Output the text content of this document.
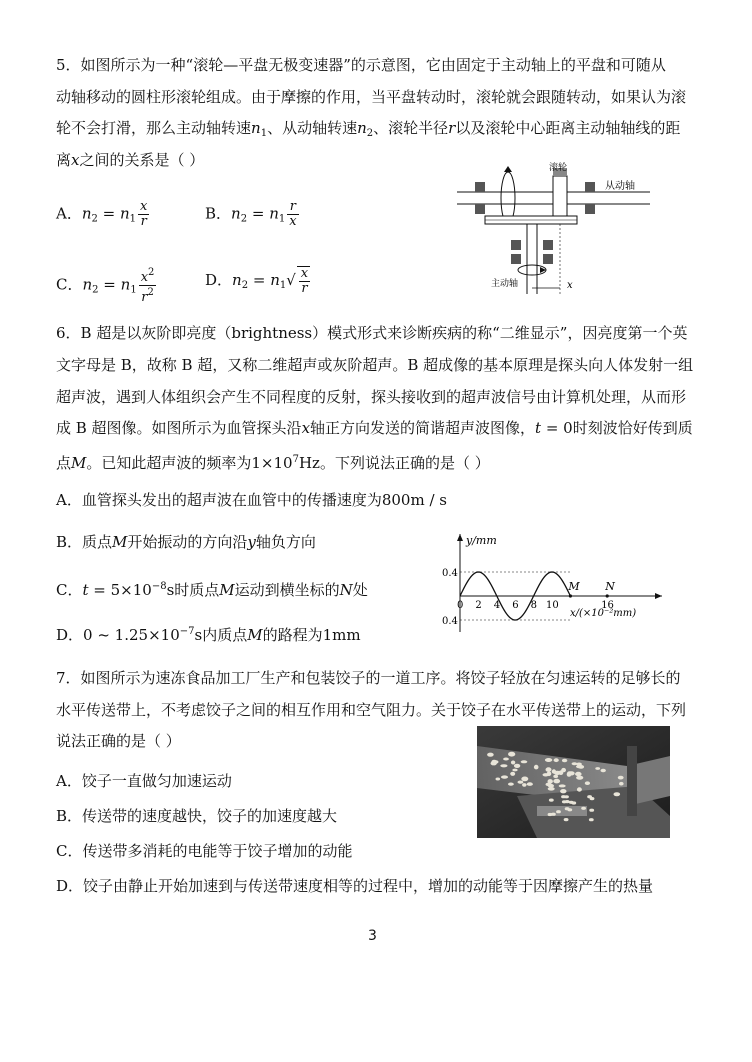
5．如图所示为一种“滚轮—平盘无极变速器”的示意图，它由固定于主动轴上的平盘和可随从
动轴移动的圆柱形滚轮组成。由于摩擦的作用，当平盘转动时，滚轮就会跟随转动，如果认为滚
轮不会打滑，那么主动轴转速$n_1$、从动轴转速$n_2$、滚轮半径r以及滚轮中心距离主动轴轴线的距
离x之间的关系是（ ）
A．$n_2 = n_1 \frac{x}{r}$	B．$n_2 = n_1 \frac{r}{x}$
C．$n_2 = n_1 \frac{x^2}{r^2}$	D．$n_2 = n_1√ \frac{x}{r}$
滚轮
从动轴
主动轴	x
6．B 超是以灰阶即亮度（brightness）模式形式来诊断疾病的称“二维显示”，因亮度第一个英
文字母是 B，故称 B 超，又称二维超声或灰阶超声。B 超成像的基本原理是探头向人体发射一组
超声波，遇到人体组织会产生不同程度的反射，探头接收到的超声波信号由计算机处理，从而形
成 B 超图像。如图所示为血管探头沿x轴正方向发送的简谐超声波图像，t = 0时刻波恰好传到质
点M。已知此超声波的频率为$1\times 10^7Hz$。下列说法正确的是（ ）
A．血管探头发出的超声波在血管中的传播速度为800m / s
B．质点M开始振动的方向沿y轴负方向
C．$t = 5\times 10^{-8}s$时质点M运动到横坐标的N处
D．0 ~ $1.25\times 10^{-7}s$内质点M的路程为1mm
y/mm
x/(×10⁻²mm)
0.4
0.4
0 2 4 6 8 10	16
M N
7．如图所示为速冻食品加工厂生产和包装饺子的一道工序。将饺子轻放在匀速运转的足够长的
水平传送带上，不考虑饺子之间的相互作用和空气阻力。关于饺子在水平传送带上的运动，下列
说法正确的是（ ）
A．饺子一直做匀加速运动
B．传送带的速度越快，饺子的加速度越大
C．传送带多消耗的电能等于饺子增加的动能
D．饺子由静止开始加速到与传送带速度相等的过程中，增加的动能等于因摩擦产生的热量
3
